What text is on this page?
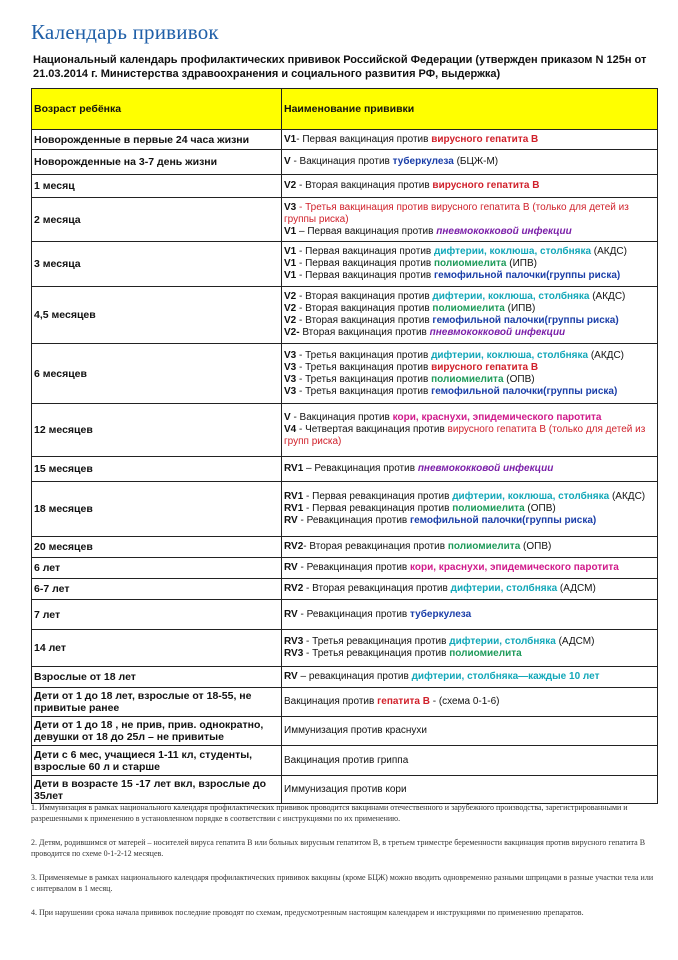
Календарь прививок
Национальный календарь профилактических прививок Российской Федерации (утвержден приказом N 125н от 21.03.2014 г. Министерства здравоохранения и социального развития РФ, выдержка)
Возраст ребёнка	Наименование прививки
Новорожденные в первые 24 часа жизни	V1- Первая вакцинация против вирусного гепатита В

Новорожденные на 3-7 день жизни	V - Вакцинация против туберкулеза (БЦЖ-М)

1 месяц	V2 - Вторая вакцинация против вирусного гепатита В

2 месяца	V3 - Третья вакцинация против вирусного гепатита В (только для детей из группы риска)
V1 – Первая вакцинация против пневмококковой инфекции

3 месяца	V1 - Первая вакцинация против дифтерии, коклюша, столбняка (АКДС)
V1 - Первая вакцинация против полиомиелита (ИПВ)
V1 - Первая вакцинация против гемофильной палочки(группы риска)

4,5 месяцев	V2 - Вторая вакцинация против дифтерии, коклюша, столбняка (АКДС)
V2 - Вторая вакцинация против полиомиелита (ИПВ)
V2 - Вторая вакцинация против гемофильной палочки(группы риска)
V2- Вторая вакцинация против пневмококковой инфекции

6 месяцев	V3 - Третья вакцинация против дифтерии, коклюша, столбняка (АКДС)
V3 - Третья вакцинация против вирусного гепатита В
V3 - Третья вакцинация против полиомиелита (ОПВ)
V3 - Третья вакцинация против гемофильной палочки(группы риска)

12 месяцев	V - Вакцинация против кори, краснухи, эпидемического паротита
V4 - Четвертая вакцинация против вирусного гепатита В (только для детей из групп риска)

15 месяцев	RV1 – Ревакцинация против пневмококковой инфекции

18 месяцев	RV1 - Первая ревакцинация против дифтерии, коклюша, столбняка (АКДС)
RV1 - Первая ревакцинация против полиомиелита (ОПВ)
RV - Ревакцинация против гемофильной палочки(группы риска)

20 месяцев	RV2- Вторая ревакцинация против полиомиелита (ОПВ)

6 лет	RV - Ревакцинация против кори, краснухи, эпидемического паротита

6-7 лет	RV2 - Вторая ревакцинация против дифтерии, столбняка (АДСМ)

7 лет	RV - Ревакцинация против туберкулеза

14 лет	RV3 - Третья ревакцинация против дифтерии, столбняка (АДСМ)
RV3 - Третья ревакцинация против полиомиелита

Взрослые от 18 лет	RV – ревакцинация против дифтерии, столбняка—каждые 10 лет

Дети от 1 до 18 лет, взрослые от 18-55, не привитые ранее	Вакцинация против гепатита В - (схема 0-1-6)

Дети от 1 до 18 , не прив, прив. однократно, девушки от 18 до 25л – не привитые	Иммунизация против краснухи

Дети с 6 мес, учащиеся 1-11 кл, студенты, взрослые 60 л и старше	Вакцинация против гриппа

Дети в возрасте 15 -17 лет вкл, взрослые до 35лет	Иммунизация против кори
1. Иммунизация в рамках национального календаря профилактических прививок проводится вакцинами отечественного и зарубежного производства, зарегистрированными и разрешенными к применению в установленном порядке в соответствии с инструкциями по их применению.
2. Детям, родившимся от матерей – носителей вируса гепатита В или больных вирусным гепатитом В, в третьем триместре беременности вакцинация против вирусного гепатита В проводится по схеме 0-1-2-12 месяцев.
3. Применяемые в рамках национального календаря профилактических прививок вакцины (кроме БЦЖ) можно вводить одновременно разными шприцами в разные участки тела или с интервалом в 1 месяц.
4. При нарушении срока начала прививок последние проводят по схемам, предусмотренным настоящим календарем и инструкциями по применению препаратов.
